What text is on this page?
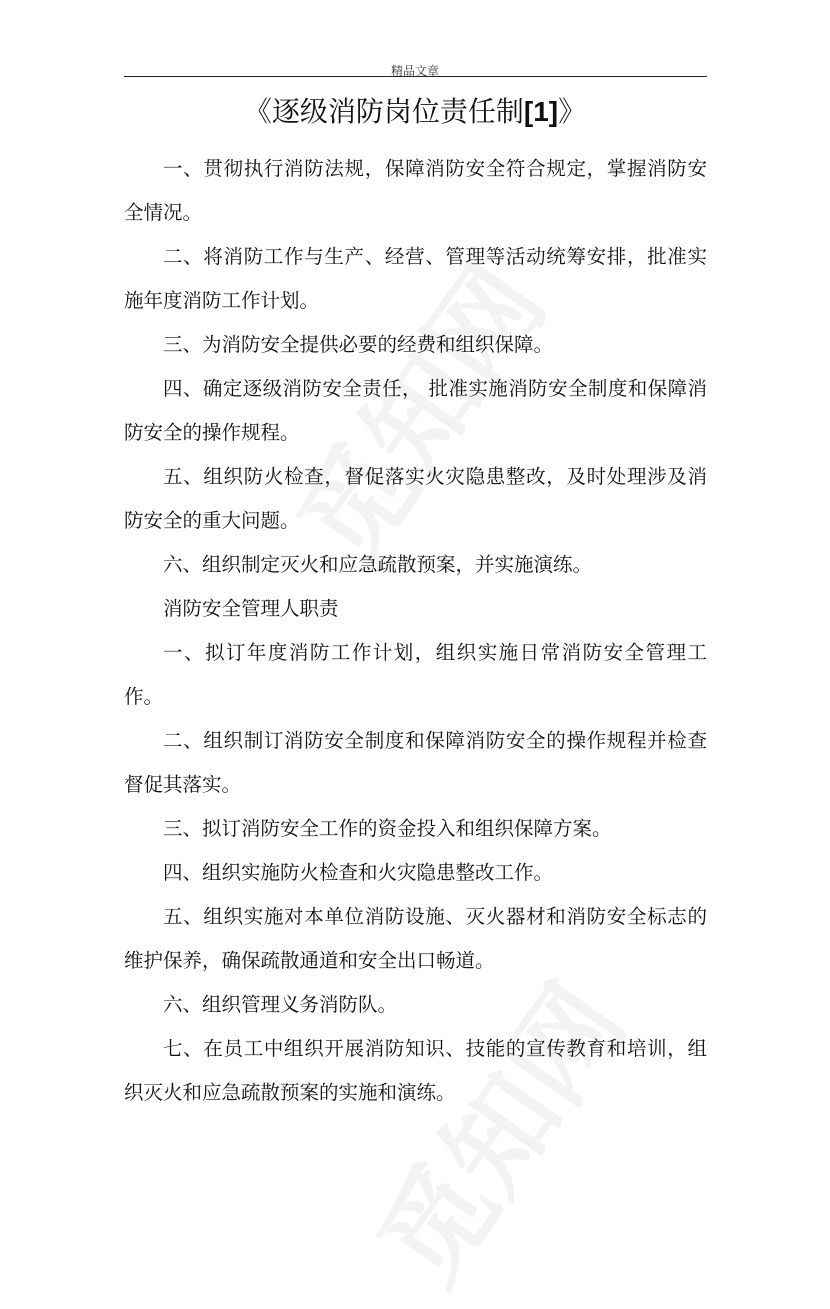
精品文章
《逐级消防岗位责任制[1]》

一、贯彻执行消防法规，保障消防安全符合规定，掌握消防安全情况。

二、将消防工作与生产、经营、管理等活动统筹安排，批准实施年度消防工作计划。

三、为消防安全提供必要的经费和组织保障。

四、确定逐级消防安全责任， 批准实施消防安全制度和保障消防安全的操作规程。

五、组织防火检查，督促落实火灾隐患整改，及时处理涉及消防安全的重大问题。

六、组织制定灭火和应急疏散预案，并实施演练。

消防安全管理人职责

一、拟订年度消防工作计划，组织实施日常消防安全管理工作。

二、组织制订消防安全制度和保障消防安全的操作规程并检查督促其落实。

三、拟订消防安全工作的资金投入和组织保障方案。

四、组织实施防火检查和火灾隐患整改工作。

五、组织实施对本单位消防设施、灭火器材和消防安全标志的维护保养，确保疏散通道和安全出口畅道。

六、组织管理义务消防队。

七、在员工中组织开展消防知识、技能的宣传教育和培训，组织灭火和应急疏散预案的实施和演练。
